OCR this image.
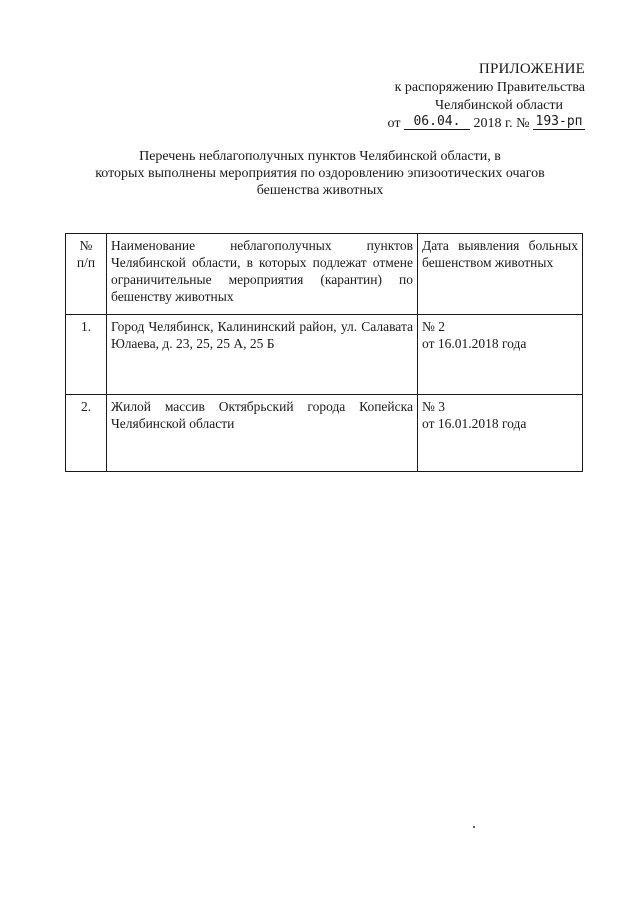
ПРИЛОЖЕНИЕ
к распоряжению Правительства
Челябинской области
от 06.04. 2018 г. № 193-рп
Перечень неблагополучных пунктов Челябинской области, в
которых выполнены мероприятия по оздоровлению эпизоотических очагов
бешенства животных
№
п/п	Наименование неблагополучных пунктов Челябинской области, в которых подлежат отмене ограничительные мероприятия (карантин) по бешенству животных	Дата выявления больных бешенством животных
1.	Город Челябинск, Калининский район, ул. Салавата Юлаева, д. 23, 25, 25 А, 25 Б	№ 2
от 16.01.2018 года

2.	Жилой массив Октябрьский города Копейска Челябинской области	№ 3
от 16.01.2018 года
